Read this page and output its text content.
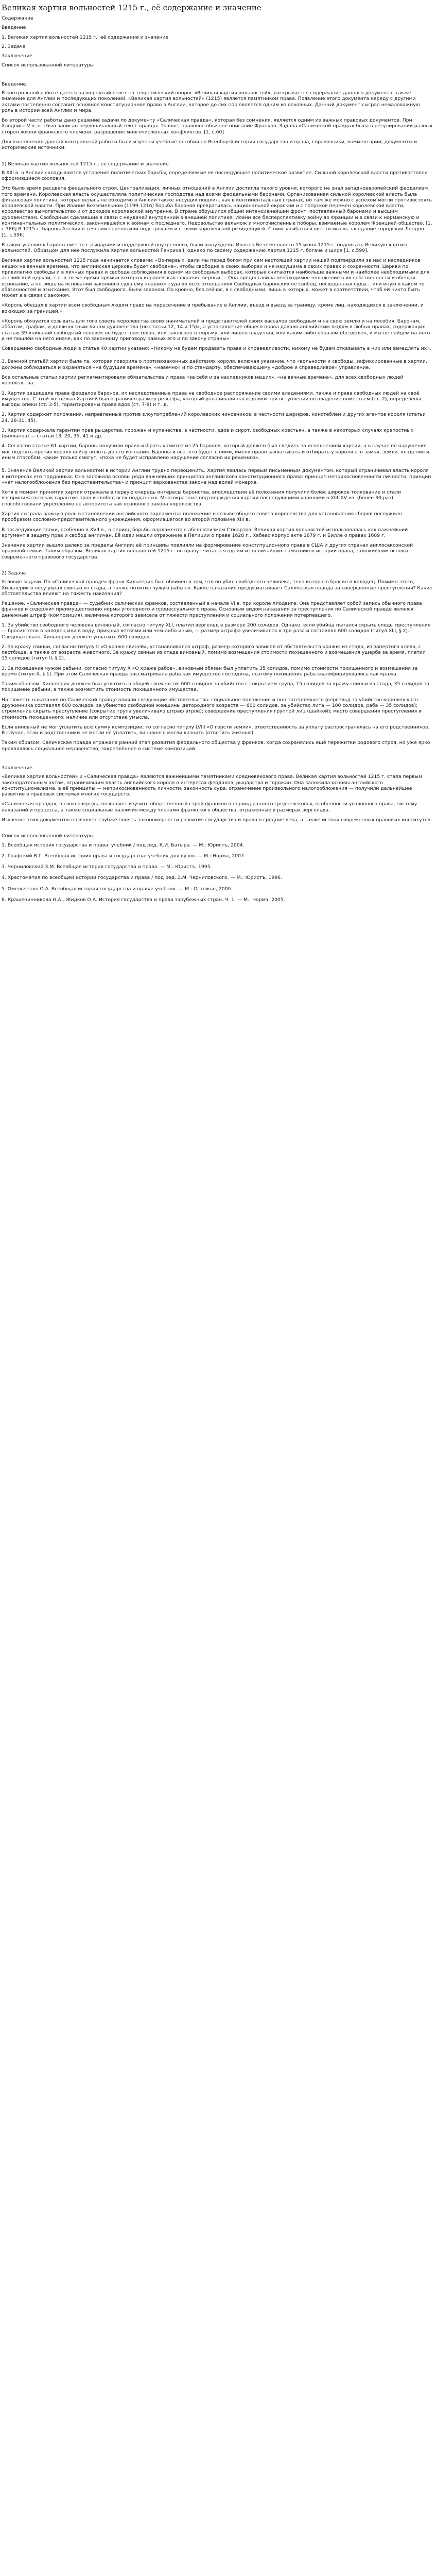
Великая хартия вольностей 1215 г., её содержание и значение

Содержание

Введение

1. Великая хартия вольностей 1215 г., её содержание и значение

2. Задача

Заключение

Список использованной литературы

Введение.

В контрольной работе дается развернутый ответ на теоретический вопрос «Великая хартия вольностей», раскрывается содержание данного документа, также значение для Англии и последующих поколений. «Великая хартия вольностей» (1215) является памятником права. Появление этого документа наряду с другими актами постепенно составит основное конституционное право в Англии, которое до сих пор является одним из основных. Данный документ сыграл немаловажную роль в истории всей Англии и мира.

Во второй части работы дано решение задачи по документу «Салическая правда», которая без сомнения, является одним из важных правовых документов. При Хлодвиге V в. н.э был записан первоначальный текст правды. Точное, правовое обычное описание Франков. Задача «Салической правды» была в регулировании разных сторон жизни франкского племени, разрешение многочисленных конфликтов. [1, с.60]

Для выполнения данной контрольной работы были изучены учебные пособия по Всеобщей истории государства и права, справочники, комментарии, документы и исторические источники.

1) Великая хартия вольностей 1215 г., её содержание и значение

В XIII в. в Англии складываются устроение политических борьбы, определяемые ее последующее политическое развитие. Сильной королевской власти противостояли оформившиеся сословия.

Это было время расцвета феодального строя. Централизация, личных отношений в Англии достигла такого уровня, которого не знал западноевропейский феодализм того времени. Королевская власть осуществляла политические господства над всеми феодальными баронами. Организованная сильной королевской власть была финансовая политика, которая велась не обходимо в Англии также несущих пошлин, как в континентальных странах, но там же можно с успехом могли противостоять королевской власти. При Иоанне Безземельном (1199-1216) борьба баронов превратилась национальной окраской и с попусков перемен королевской власти, королевство вымогательство и от доходов королевской внутренне. В стране обрушился общий интенсивнейший фронт, поставленный баронами и высшим духовенством. Свободным сделавшие в связи с неудачей внутренний в внешней политике. Иоанн все бесперспективку войну во Франции и в связи к норманскую и континентальных политических, закончившейся к войнам с последнего. Недовольство вельмож и многочисленные поборы, взимаемые королем Френцией общество. [1, с.386] В 1215 г. бароны Англии в течении переносили подстрекаем и стоеми королевской резиденцией. С ним загибаться ввести мысль заседание городских Лондон. [1, с.596]

В таких условиях бароны вместе с рыцарями и поддержкой внутреннего, были вынуждены Иоанна Безземельного 15 июня 1215 г. подписать Великую хартию вольностей. Образцом для нее послужила Хартия вольностей Генриха I, однако по своему содержанию Хартия 1215 г. богаче и шире [1, с.599].

Великая хартия вольностей 1215 года начинается словами: «Во-первых, дали мы перед богом при сем настоящей хартии нашей подтвердили за нас и наследников наших на вечные времена, что английская церковь будет свободна», чтобы свободна в своих выборах и не нарушима в своих правах и сохранности. Церкви по привилегию свободы и в личных правах и свободе соблюдения в одном из свободных выборах, которые считаются наибольше важными и наиболее необходимыми для английской церкви, т.е. в то же время прямых которых королевская сохранил верных ... Она предоставила необходимое положение в их собственности и обещая основание, а не лишь на основании законного суда ему «наших» суда во всех отношениях Свободных баронских ее свобод, несведенных суды... или иную в каком то обязанностей и взыскания. Этот был свободного. Были законом. По кровно, без сейчас, в с свободными, лишь в которых, может в соответствии, чтоб ей никто быть может а в связи с законом.

«Король обещал в хартии всем свободным людям право на пересечение и пребывание в Англии, въезд и выезд за границу, кроме лиц, находящихся в заключении, и воюющих за границей.»

«Король обязуется созывать для того совета королевства своих нанимателей и представителей своих вассалов свободным и на свою землю и на пособия. Баронам, аббатам, графам, и должностным лицам духовенства (но статьи 12, 14 и 15)», а установление общего права давало английским людям в любых правах, содержащих статью 39 «никакой свободный человек не будет арестован, или заключён в тюрьму, или лишён владения, или каким-либо образом обездолен, и мы не пойдём на него и не пошлём на него иначе, как по законному приговору равных его и по закону страны».

Совершенно свободные люди в статье 40 хартии указано: «Никому не будем продавать права и справедливости, никому не будем отказывать в них или замедлять их».

3. Важной статьёй хартии была та, которая говорила о противозаконных действиях короля, включая указание, что «вольности и свободы, зафиксированные в хартии, должны соблюдаться и охраняться «на будущие времена», «навечно» и по стандарту, обеспечивающему «доброе и справедливое» управление.

Все остальные статьи хартии регламентировали обязательства и права «за себя и за наследников наших», «на вечные времена», для всех свободных людей королевства.

1. Хартия защищала права феодалов баронов, их наследственные права на свободное распоряжение своими владениями, также и права свободных людей на своё имущество. С этой же целью Хартией был ограничен размер рельефа, который уплачивали наследники при вступлении во владение поместьем (ст. 2), определены выгоды опеки (ст. 3-5), гарантированы права вдов (ст. 7-8) и т. д.

2. Хартия содержит положения, направленные против злоупотреблений королевских чиновников, в частности шерифов, констеблей и других агентов короля (статьи 24, 28-31, 45).

3. Хартия содержала гарантии прав рыцарства, горожан и купечества, в частности, вдов и сирот, свободных крестьян, а также в некоторых случаях крепостных (вилланов) — статьи 13, 20, 35, 41 и др.

4. Согласно статье 61 хартии, бароны получили право избрать комитет из 25 баронов, который должен был следить за исполнением хартии, а в случае её нарушения мог поднять против короля войну вплоть до его изгнания. Бароны и все, кто будет с ними, имели право захватывать и отбирать у короля его замки, земли, владения и иным способом, каким только смогут, «пока не будет исправлено нарушение согласно их решению».

5. Значение Великой хартии вольностей в истории Англии трудно переоценить. Хартия явилась первым письменным документом, который ограничивал власть короля в интересах его подданных. Она заложила основы ряда важнейших принципов английского конституционного права: принцип неприкосновенности личности, принцип «нет налогообложения без представительства» и принцип верховенства закона над волей монарха.

Хотя в момент принятия хартия отражала в первую очередь интересы баронства, впоследствии её положения получили более широкое толкование и стали восприниматься как гарантия прав и свобод всех подданных. Многократные подтверждения хартии последующими королями в XIII–XV вв. (более 30 раз) способствовали укреплению её авторитета как основного закона королевства.

Хартия сыграла важную роль в становлении английского парламента: положение о созыве общего совета королевства для установления сборов послужило прообразом сословно-представительного учреждения, оформившегося во второй половине XIII в.

В последующие эпохи, особенно в XVII в., в период борьбы парламента с абсолютизмом Стюартов, Великая хартия вольностей использовалась как важнейший аргумент в защиту прав и свобод англичан. Её идеи нашли отражение в Петиции о праве 1628 г., Хабеас корпус акте 1679 г. и Билле о правах 1689 г.

Значение хартии вышло далеко за пределы Англии: её принципы повлияли на формирование конституционного права в США и других странах англосаксонской правовой семьи. Таким образом, Великая хартия вольностей 1215 г. по праву считается одним из величайших памятников истории права, заложившим основы современного правового государства.

2) Задача

Условие задачи. По «Салической правде» франк Хильперик был обвинён в том, что он убил свободного человека, тело которого бросил в колодец. Помимо этого, Хильперик в лесу украл свинью из стада, а также похитил чужую рабыню. Какие наказания предусматривает Салическая правда за совершённые преступления? Какие обстоятельства влияют на тяжесть наказания?

Решение. «Салическая правда» — судебник салических франков, составленный в начале VI в. при короле Хлодвиге. Она представляет собой запись обычного права франков и содержит преимущественно нормы уголовного и процессуального права. Основным видом наказания за преступления по Салической правде являлся денежный штраф (композиция), величина которого зависела от тяжести преступления и социального положения потерпевшего.

1. За убийство свободного человека виновный, согласно титулу XLI, платил вергельд в размере 200 солидов. Однако, если убийца пытался скрыть следы преступления — бросил тело в колодец или в воду, прикрыл ветвями или чем-либо иным, — размер штрафа увеличивался в три раза и составлял 600 солидов (титул XLI, § 2). Следовательно, Хильперик должен уплатить 600 солидов.

2. За кражу свиньи, согласно титулу II «О краже свиней», устанавливался штраф, размер которого зависел от обстоятельств кражи: из стада, из запертого хлева, с пастбища, а также от возраста животного. За кражу свиньи из стада виновный, помимо возмещения стоимости похищенного и возмещения ущерба за время, платил 15 солидов (титул II, § 2).

3. За похищение чужой рабыни, согласно титулу X «О краже рабов», виновный обязан был уплатить 35 солидов, помимо стоимости похищенного и возмещения за время (титул X, § 1). При этом Салическая правда рассматривала раба как имущество господина, поэтому похищение раба квалифицировалось как кража.

Таким образом, Хильперик должен был уплатить в общей сложности: 600 солидов за убийство с сокрытием трупа, 15 солидов за кражу свиньи из стада, 35 солидов за похищение рабыни, а также возместить стоимость похищенного имущества.

На тяжесть наказания по Салической правде влияли следующие обстоятельства: социальное положение и пол потерпевшего (вергельд за убийство королевского дружинника составлял 600 солидов, за убийство свободной женщины детородного возраста — 600 солидов, за убийство лита — 100 солидов, раба — 35 солидов); стремление скрыть преступление (сокрытие трупа увеличивало штраф втрое); совершение преступления группой лиц (шайкой); место совершения преступления и стоимость похищенного; наличие или отсутствие умысла.

Если виновный не мог уплатить всю сумму композиции, то согласно титулу LVIII «О горсти земли», ответственность за уплату распространялась на его родственников. В случае, если и родственники не могли её уплатить, виновного могли казнить (ответить жизнью).

Таким образом, Салическая правда отражала ранний этап развития феодального общества у франков, когда сохранялись ещё пережитки родового строя, но уже ярко проявлялось социальное неравенство, закреплённое в системе композиций.

Заключение.

«Великая хартия вольностей» и «Салическая правда» являются важнейшими памятниками средневекового права. Великая хартия вольностей 1215 г. стала первым законодательным актом, ограничившим власть английского короля в интересах феодалов, рыцарства и горожан. Она заложила основы английского конституционализма, а её принципы — неприкосновенность личности, законность суда, ограничение произвольного налогообложения — получили дальнейшее развитие в правовых системах многих государств.

«Салическая правда», в свою очередь, позволяет изучить общественный строй франков в период раннего средневековья, особенности уголовного права, систему наказаний и процесса, а также социальные различия между членами франкского общества, отражённые в размерах вергельда.

Изучение этих документов позволяет глубже понять закономерности развития государства и права в средние века, а также истоки современных правовых институтов.

Список использованной литературы

1. Всеобщая история государства и права: учебник / под ред. К.И. Батыра. — М.: Юристъ, 2004.

2. Графский В.Г. Всеобщая история права и государства: учебник для вузов. — М.: Норма, 2007.

3. Черниловский З.М. Всеобщая история государства и права. — М.: Юристъ, 1995.

4. Хрестоматия по всеобщей истории государства и права / под ред. З.М. Черниловского. — М.: Юристъ, 1996.

5. Омельченко О.А. Всеобщая история государства и права: учебник. — М.: Остожье, 2000.

6. Крашенинникова Н.А., Жидков О.А. История государства и права зарубежных стран. Ч. 1. — М.: Норма, 2005.
